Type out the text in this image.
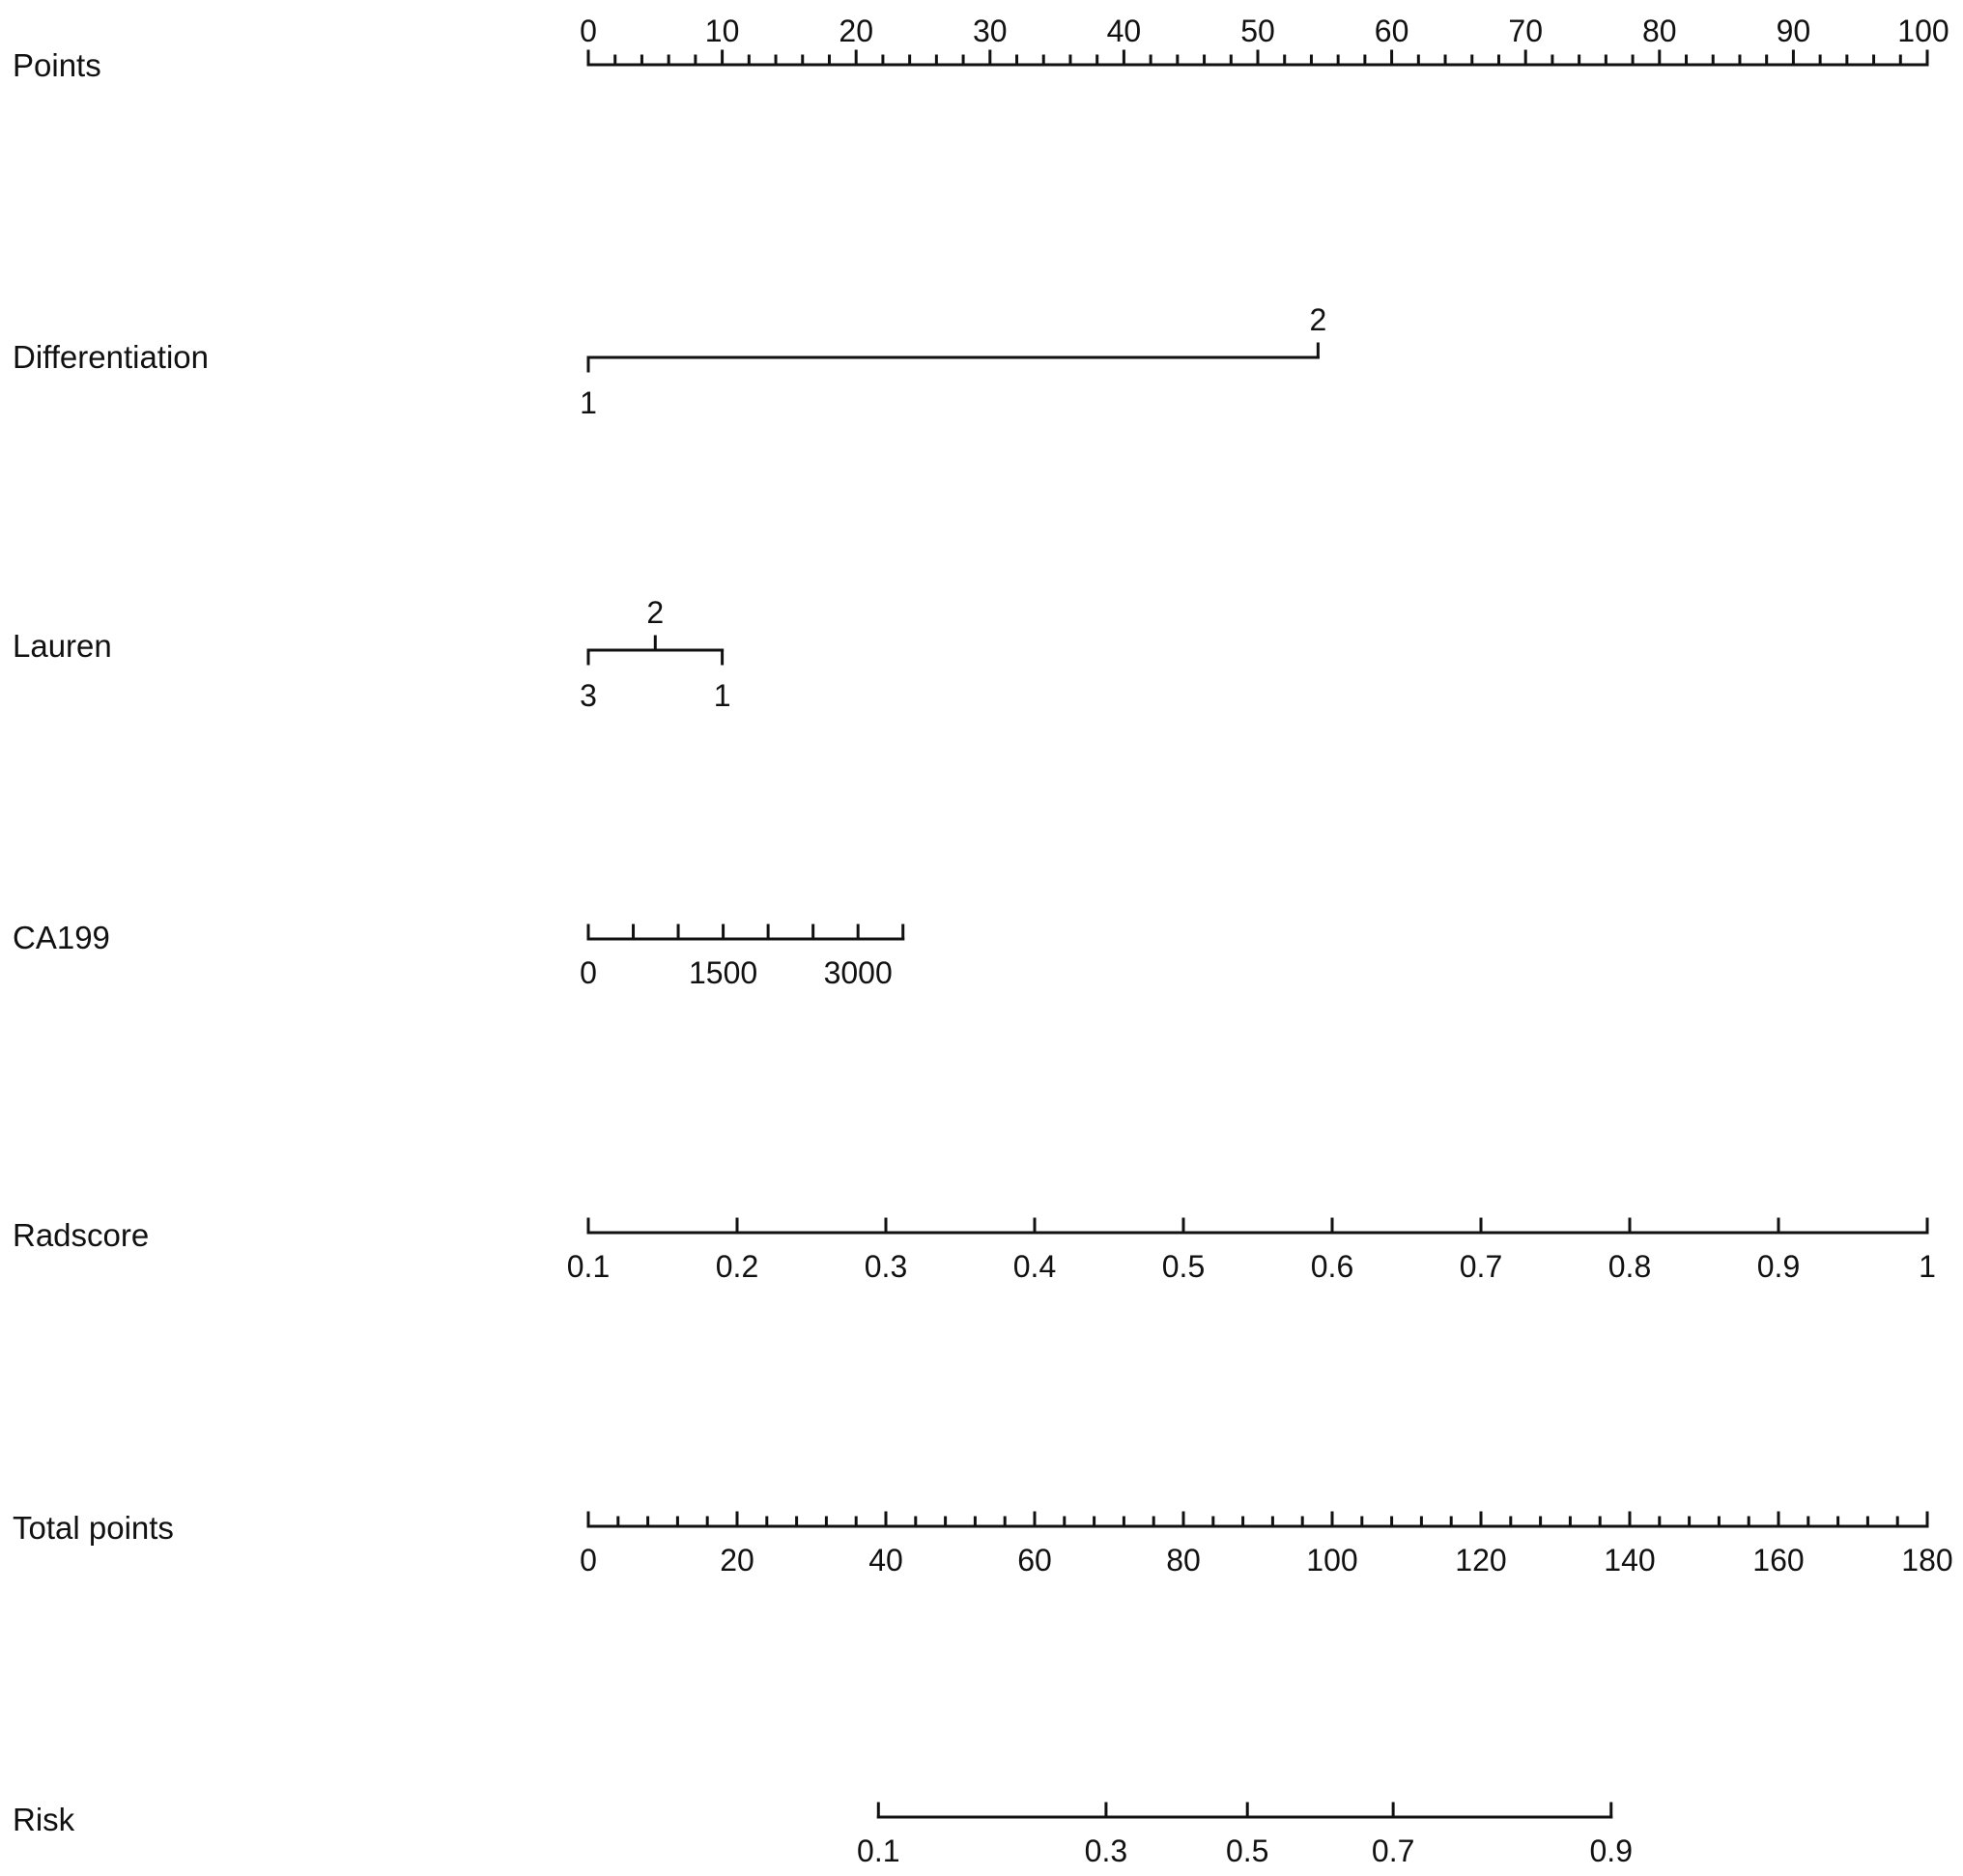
Points
0	10	20	30	40	50	60	70	80	90	100
Differentiation
1
2
Lauren
3
2
1
CA199
0	1500 3000
Radscore
0.1	0.2	0.3	0.4	0.5	0.6	0.7	0.8	0.9	1
Total points
0	20	40	60	80	100	120	140	160	180
Risk
0.1	0.3	0.5	0.7	0.9
